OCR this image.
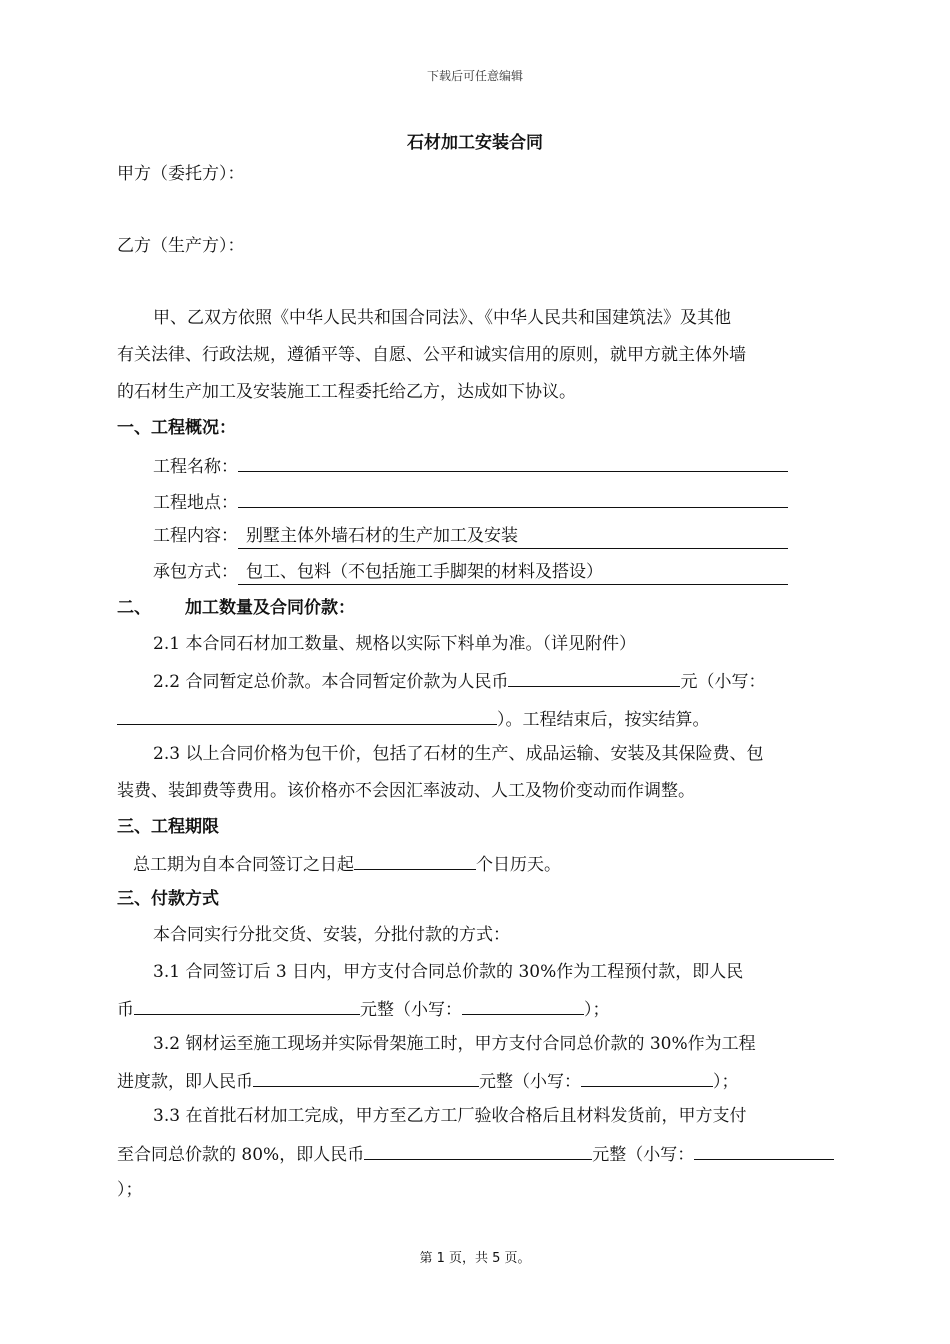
下载后可任意编辑
石材加工安装合同
甲方（委托方）：
乙方（生产方）：
甲、乙双方依照《中华人民共和国合同法》、《中华人民共和国建筑法》及其他
有关法律、行政法规，遵循平等、自愿、公平和诚实信用的原则，就甲方就主体外墙
的石材生产加工及安装施工工程委托给乙方，达成如下协议。
一、工程概况：
工程名称：
工程地点：
工程内容： 别墅主体外墙石材的生产加工及安装
承包方式： 包工、包料（不包括施工手脚架的材料及搭设）
二、 加工数量及合同价款：
2.1 本合同石材加工数量、规格以实际下料单为准。（详见附件）
2.2 合同暂定总价款。本合同暂定价款为人民币	元（小写：
）。工程结束后，按实结算。
2.3 以上合同价格为包干价，包括了石材的生产、成品运输、安装及其保险费、包
装费、装卸费等费用。该价格亦不会因汇率波动、人工及物价变动而作调整。
三、工程期限
总工期为自本合同签订之日起	个日历天。
三、付款方式
本合同实行分批交货、安装，分批付款的方式：
3.1 合同签订后 3 日内，甲方支付合同总价款的 30%作为工程预付款，即人民
币	元整（小写：	）；
3.2 钢材运至施工现场并实际骨架施工时，甲方支付合同总价款的 30%作为工程
进度款，即人民币	元整（小写：	）；
3.3 在首批石材加工完成，甲方至乙方工厂验收合格后且材料发货前，甲方支付
至合同总价款的 80%，即人民币	元整（小写：
）；
第 1 页，共 5 页。
